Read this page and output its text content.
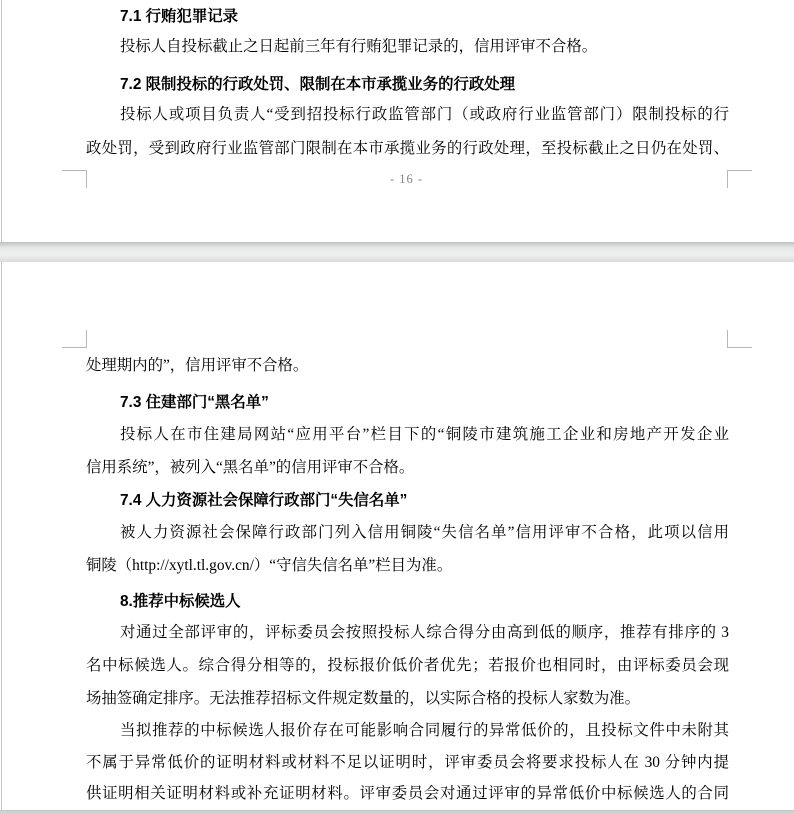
- 16 -
7.1 行贿犯罪记录
投标人自投标截止之日起前三年有行贿犯罪记录的，信用评审不合格。
7.2 限制投标的行政处罚、限制在本市承揽业务的行政处理
投标人或项目负责人“受到招投标行政监管部门（或政府行业监管部门）限制投标的行
政处罚，受到政府行业监管部门限制在本市承揽业务的行政处理，至投标截止之日仍在处罚、
处理期内的”，信用评审不合格。
7.3 住建部门“黑名单”
投标人在市住建局网站“应用平台”栏目下的“铜陵市建筑施工企业和房地产开发企业
信用系统”，被列入“黑名单”的信用评审不合格。
7.4 人力资源社会保障行政部门“失信名单”
被人力资源社会保障行政部门列入信用铜陵“失信名单”信用评审不合格，此项以信用
铜陵（http://xytl.tl.gov.cn/）“守信失信名单”栏目为准。
8.推荐中标候选人
对通过全部评审的，评标委员会按照投标人综合得分由高到低的顺序，推荐有排序的 3
名中标候选人。综合得分相等的，投标报价低价者优先；若报价也相同时，由评标委员会现
场抽签确定排序。无法推荐招标文件规定数量的，以实际合格的投标人家数为准。
当拟推荐的中标候选人报价存在可能影响合同履行的异常低价的，且投标文件中未附其
不属于异常低价的证明材料或材料不足以证明时，评审委员会将要求投标人在 30 分钟内提
供证明相关证明材料或补充证明材料。评审委员会对通过评审的异常低价中标候选人的合同
